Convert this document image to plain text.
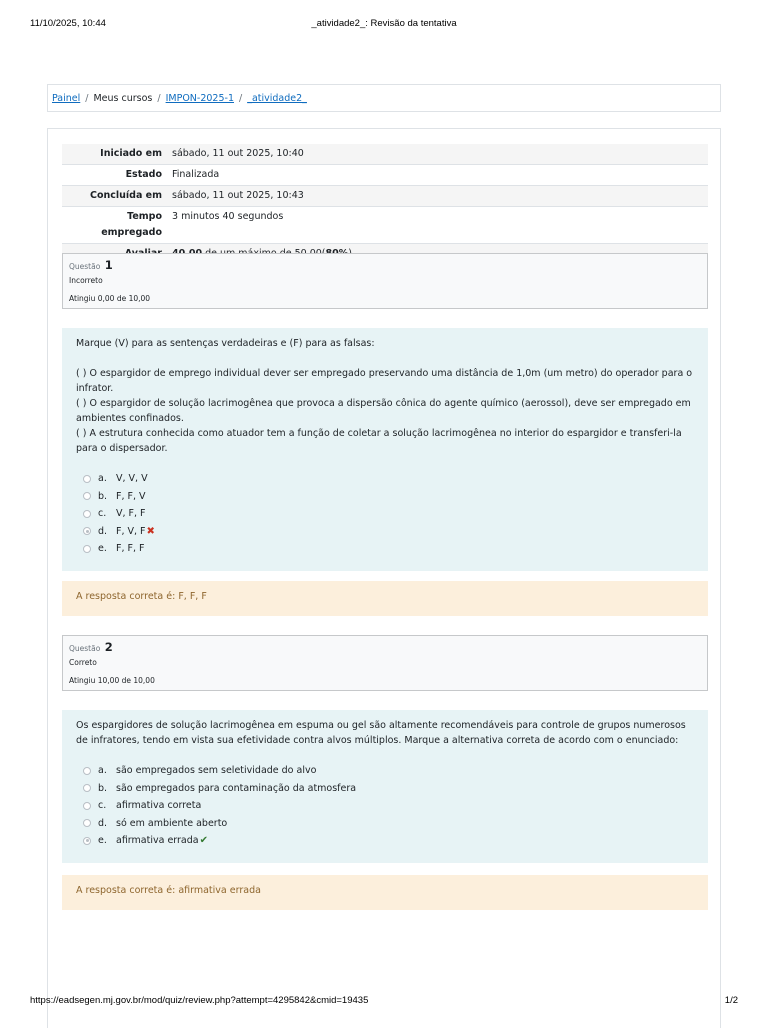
11/10/2025, 10:44	_atividade2_: Revisão da tentativa
Painel / Meus cursos / IMPON-2025-1 / _atividade2_
Iniciado em	sábado, 11 out 2025, 10:40
Estado	Finalizada
Concluída em	sábado, 11 out 2025, 10:43
Tempo empregado	3 minutos 40 segundos

Questão 1
Incorreto
Atingiu 0,00 de 10,00

Marque (V) para as sentenças verdadeiras e (F) para as falsas:

( ) O espargidor de emprego individual dever ser empregado preservando uma distância de 1,0m (um metro) do operador para o infrator.

( ) O espargidor de solução lacrimogênea que provoca a dispersão cônica do agente químico (aerossol), deve ser empregado em ambientes confinados.

( ) A estrutura conhecida como atuador tem a função de coletar a solução lacrimogênea no interior do espargidor e transferi-la para o dispersador.

a. V, V, V
b. F, F, V
c.	V, F, F
d. F, V, F ✖
e. F, F, F
A resposta correta é: F, F, F
Questão 2
Correto
Atingiu 10,00 de 10,00

Os espargidores de solução lacrimogênea em espuma ou gel são altamente recomendáveis para controle de grupos numerosos de infratores, tendo em vista sua efetividade contra alvos múltiplos. Marque a alternativa correta de acordo com o enunciado:

a. são empregados sem seletividade do alvo
b. são empregados para contaminação da atmosfera
c.	afirmativa correta
d. só em ambiente aberto
e. afirmativa errada ✔
A resposta correta é: afirmativa errada
https://eadsegen.mj.gov.br/mod/quiz/review.php?attempt=4295842&cmid=19435	1/2
